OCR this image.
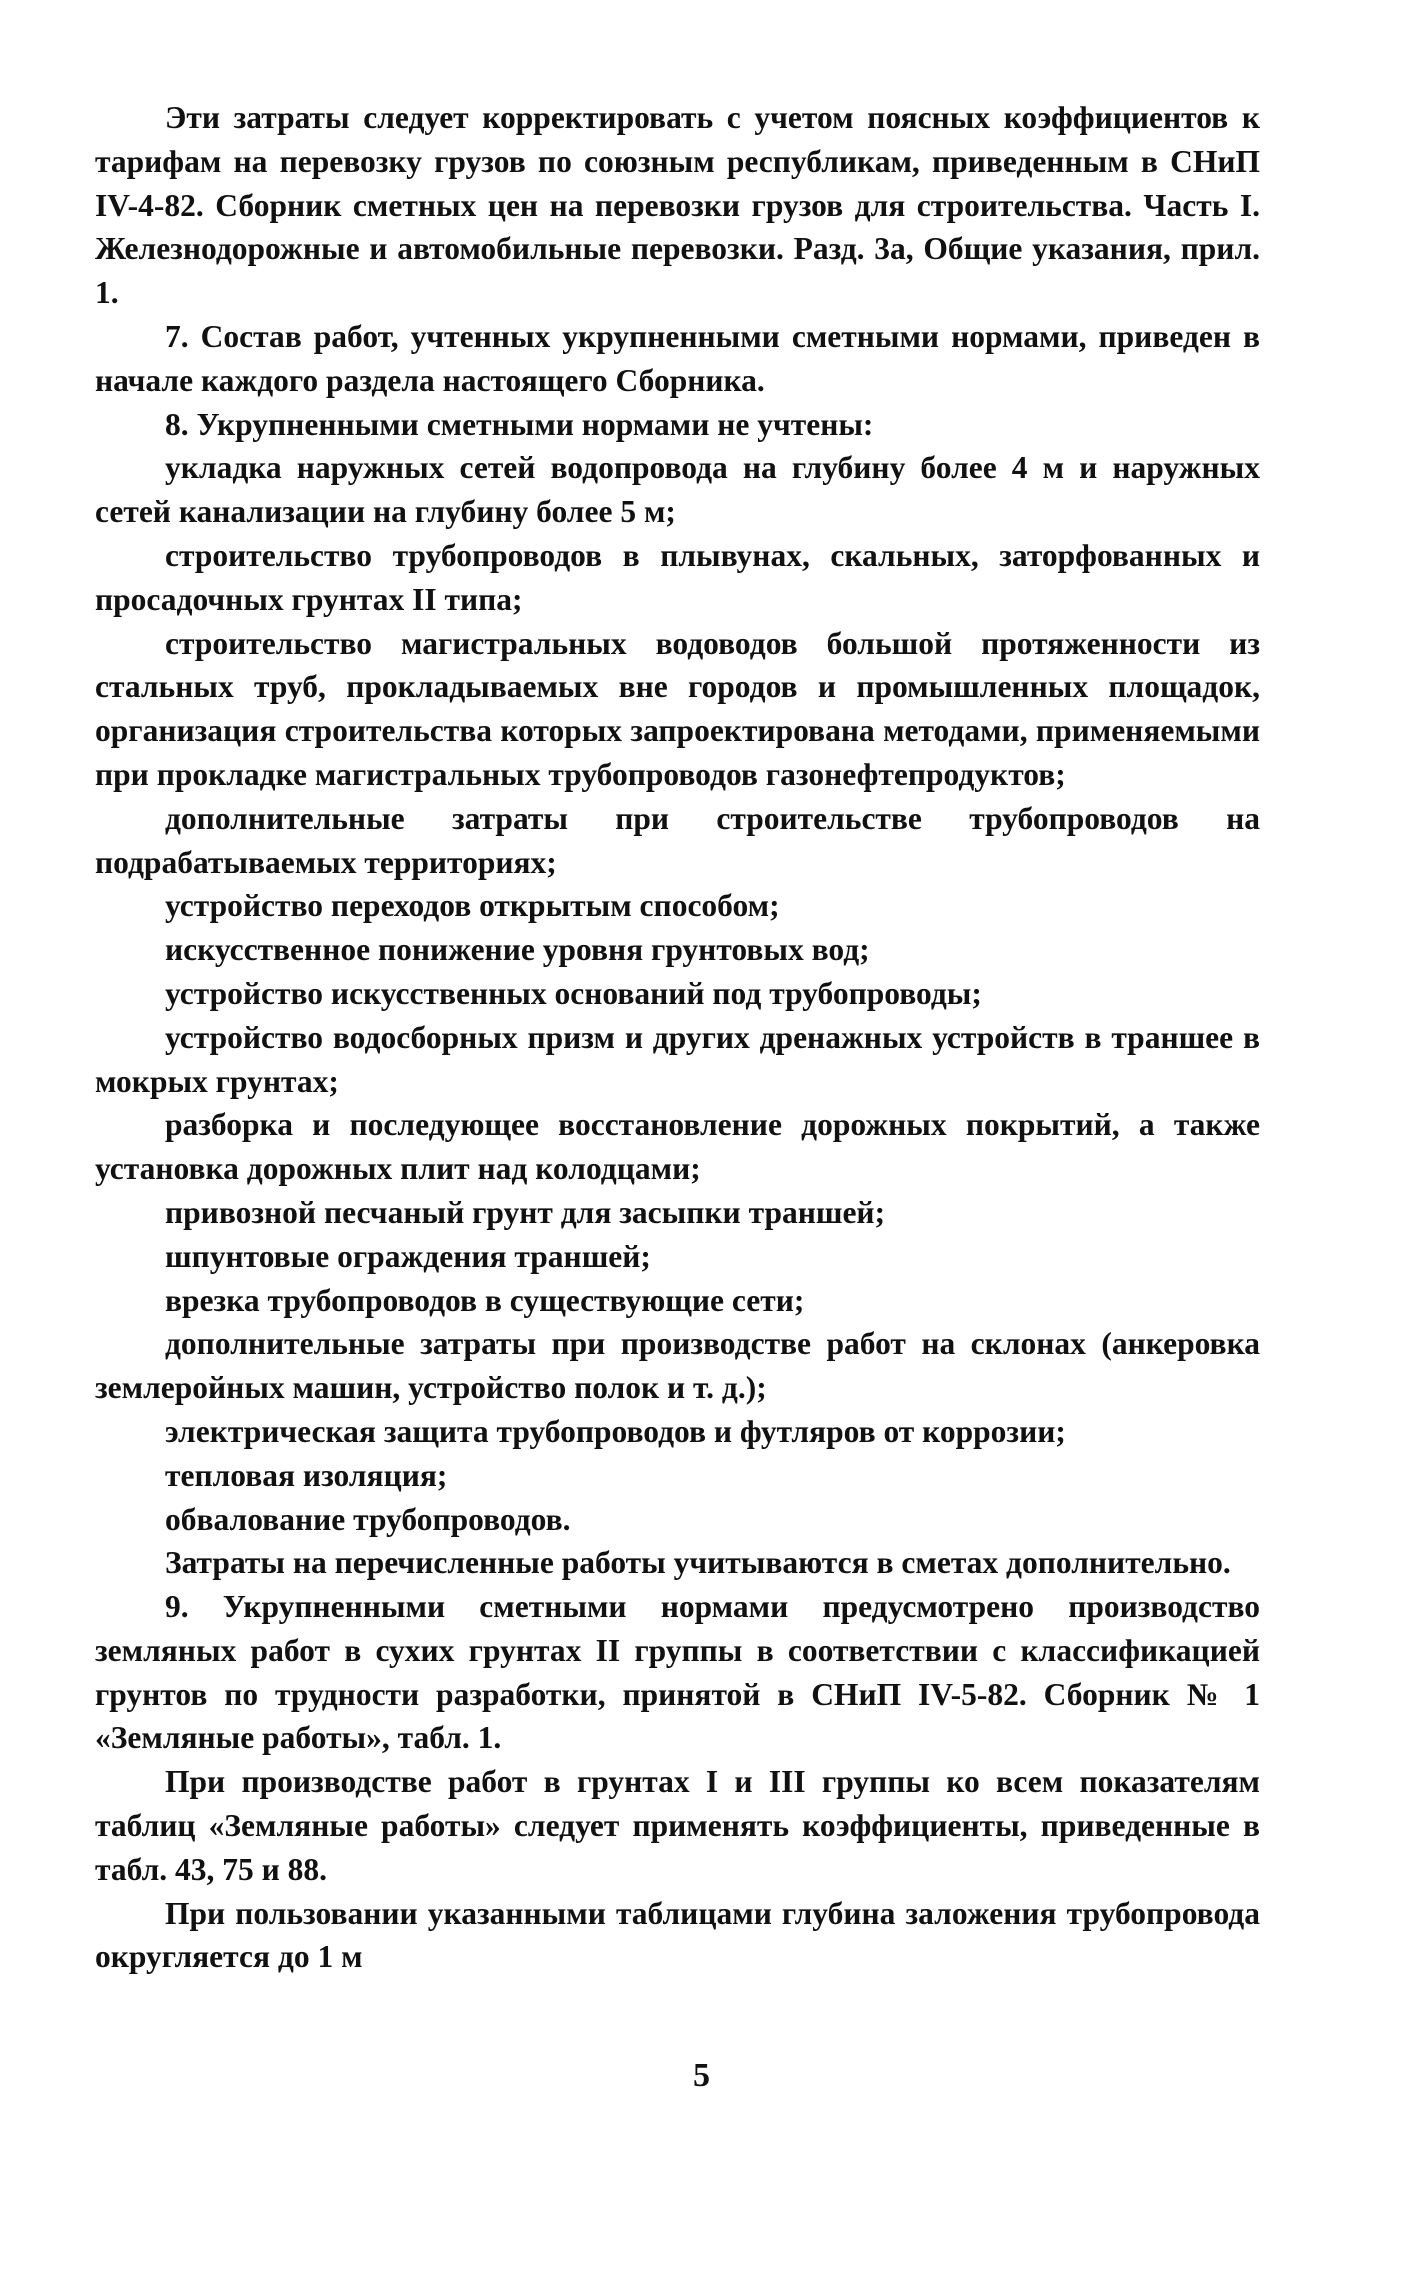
Эти затраты следует корректировать с учетом поясных коэффициентов к тарифам на перевозку грузов по союзным республикам, приведенным в СНиП IV-4-82. Сборник сметных цен на перевозки грузов для строительства. Часть I. Железнодорожные и автомобильные перевозки. Разд. 3а, Общие указания, прил. 1.

7. Состав работ, учтенных укрупненными сметными нормами, приведен в начале каждого раздела настоящего Сборника.

8. Укрупненными сметными нормами не учтены:

укладка наружных сетей водопровода на глубину более 4 м и наружных сетей канализации на глубину более 5 м;

строительство трубопроводов в плывунах, скальных, заторфованных и просадочных грунтах II типа;

строительство магистральных водоводов большой протяженности из стальных труб, прокладываемых вне городов и промышленных площадок, организация строительства которых запроектирована методами, применяемыми при прокладке магистральных трубопроводов газонефтепродуктов;

дополнительные затраты при строительстве трубопроводов на подрабатываемых территориях;

устройство переходов открытым способом;

искусственное понижение уровня грунтовых вод;

устройство искусственных оснований под трубопроводы;

устройство водосборных призм и других дренажных устройств в траншее в мокрых грунтах;

разборка и последующее восстановление дорожных покрытий, а также установка дорожных плит над колодцами;

привозной песчаный грунт для засыпки траншей;

шпунтовые ограждения траншей;

врезка трубопроводов в существующие сети;

дополнительные затраты при производстве работ на склонах (анкеровка землеройных машин, устройство полок и т. д.);

электрическая защита трубопроводов и футляров от коррозии;

тепловая изоляция;

обвалование трубопроводов.

Затраты на перечисленные работы учитываются в сметах дополнительно.

9. Укрупненными сметными нормами предусмотрено производство земляных работ в сухих грунтах II группы в соответствии с классификацией грунтов по трудности разработки, принятой в СНиП IV-5-82. Сборник № 1 «Земляные работы», табл. 1.

При производстве работ в грунтах I и III группы ко всем показателям таблиц «Земляные работы» следует применять коэффициенты, приведенные в табл. 43, 75 и 88.

При пользовании указанными таблицами глубина заложения трубопровода округляется до 1 м

5
